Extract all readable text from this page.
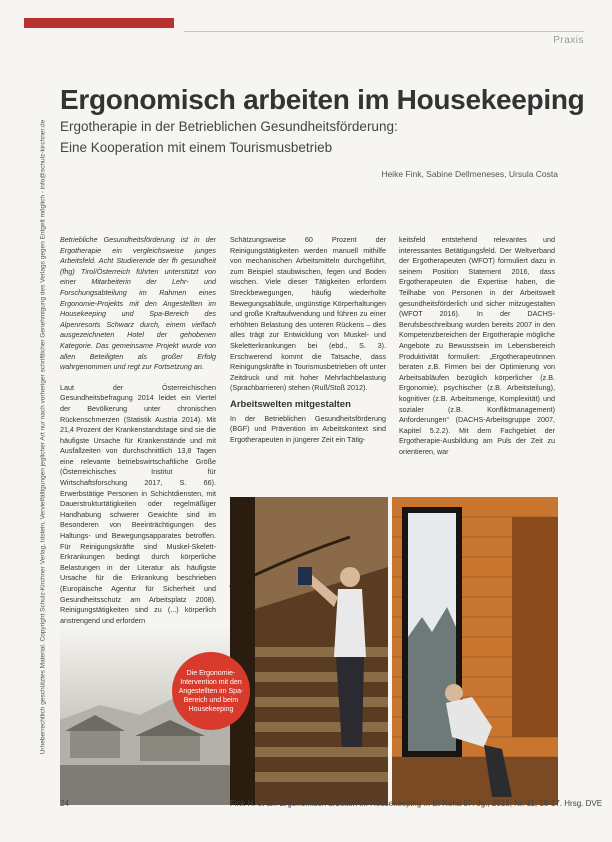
Praxis
Urheberrechtlich geschütztes Material. Copyright Schulz-Kirchner Verlag, Idstein. Vervielfältigungen jeglicher Art nur nach vorheriger schriftlicher Genehmigung des Verlags gegen Entgelt möglich - info@schulz-kirchner.de
Ergonomisch arbeiten im Housekeeping
Ergotherapie in der Betrieblichen Gesundheitsförderung:
Eine Kooperation mit einem Tourismusbetrieb
Heike Fink, Sabine Dellmeneses, Ursula Costa

Betriebliche Gesundheitsförderung ist in der Ergotherapie ein vergleichsweise junges Arbeitsfeld. Acht Studierende der fh gesundheit (fhg) Tirol/Österreich führten unterstützt von einer Mitarbeiterin der Lehr- und Forschungsabteilung im Rahmen eines Ergonomie-Projekts mit den Angestellten im Housekeeping und Spa-Bereich des Alpenresorts Schwarz durch, einem vielfach ausgezeichneten Hotel der gehobenen Kategorie. Das gemeinsame Projekt wurde von allen Beteiligten als großer Erfolg wahrgenommen und regt zur Fortsetzung an.

Laut der Österreichischen Gesundheitsbefragung 2014 leidet ein Viertel der Bevölkerung unter chronischen Rückenschmerzen (Statistik Austria 2014). Mit 21,4 Prozent der Krankenstandstage sind sie die häufigste Ursache für Krankenstände und mit Ausfallzeiten von durchschnittlich 13,8 Tagen eine relevante betriebswirtschaftliche Größe (Österreichisches Institut für Wirtschaftsforschung 2017, S. 66). Erwerbstätige Personen in Schichtdiensten, mit Dauerstrukturtätigkeiten oder regelmäßiger Handhabung schwerer Gewichte sind im Besonderen von Beeinträchtigungen des Haltungs- und Bewegungsapparates betroffen. Für Reinigungskräfte sind Muskel-Skelett-Erkrankungen bedingt durch körperliche Belastungen in der Literatur als häufigste Ursache für die Erkrankung beschrieben (Europäische Agentur für Sicherheit und Gesundheitsschutz am Arbeitsplatz 2008). Reinigungstätigkeiten sind zu (...) körperlich anstrengend und erfordern

Schätzungsweise 60 Prozent der Reinigungstätigkeiten werden manuell mithilfe von mechanischen Arbeitsmitteln durchgeführt, zum Beispiel staubwischen, fegen und Boden wischen. Viele dieser Tätigkeiten erfordern Streckbewegungen, häufig wiederholte Bewegungsabläufe, ungünstige Körperhaltungen und große Kraftaufwendung und führen zu einer erhöhten Belastung des unteren Rückens – dies alles trägt zur Entwicklung von Muskel- und Skeletterkrankungen bei (ebd., S. 3). Erschwerend kommt die Tatsache, dass Reinigungskräfte in Tourismusbetrieben oft unter Zeitdruck und mit hoher Mehrfachbelastung (Sprachbarrieren) stehen (Ruß/Stoß 2012).

Arbeitswelten mitgestalten

In der Betrieblichen Gesundheitsförderung (BGF) und Prävention im Arbeitskontext sind Ergotherapeuten in jüngerer Zeit ein Tätig-

keitsfeld entstehend relevantes und interessantes Betätigungsfeld. Der Weltverband der Ergotherapeuten (WFOT) formuliert dazu in seinem Position Statement 2016, dass Ergotherapeuten die Expertise haben, die Teilhabe von Personen in der Arbeitswelt gesundheitsförderlich und sicher mitzugestalten (WFOT 2016). In der DACHS-Berufsbeschreibung wurden bereits 2007 in den Kompetenzbereichen der Ergotherapie mögliche Angebote zu Bewusstsein im Lebensbereich Produktivität formuliert: „Ergotherapeutinnen beraten z.B. Firmen bei der Optimierung von Arbeitsabläufen bezüglich körperlicher (z.B. Ergonomie), psychischer (z.B. Arbeitsteilung), kognitiver (z.B. Arbeitsmenge, Komplexität) und sozialer (z.B. Konfliktmanagement) Anforderungen“ (DACHS-Arbeitsgruppe 2007, Kapitel 5.2.2). Mit dem Fachgebiet der Ergotherapie-Ausbildung am Puls der Zeit zu orientieren, war

Die Ergonomie-Intervention mit den Angestellten im Spa-Bereich und beim Housekeeping
24	Fink H. et al.: Ergonomisch arbeiten im Housekeeping ... Et Reha 57. Jg., 2018, Nr. 11, 16-17. Hrsg. DVE
